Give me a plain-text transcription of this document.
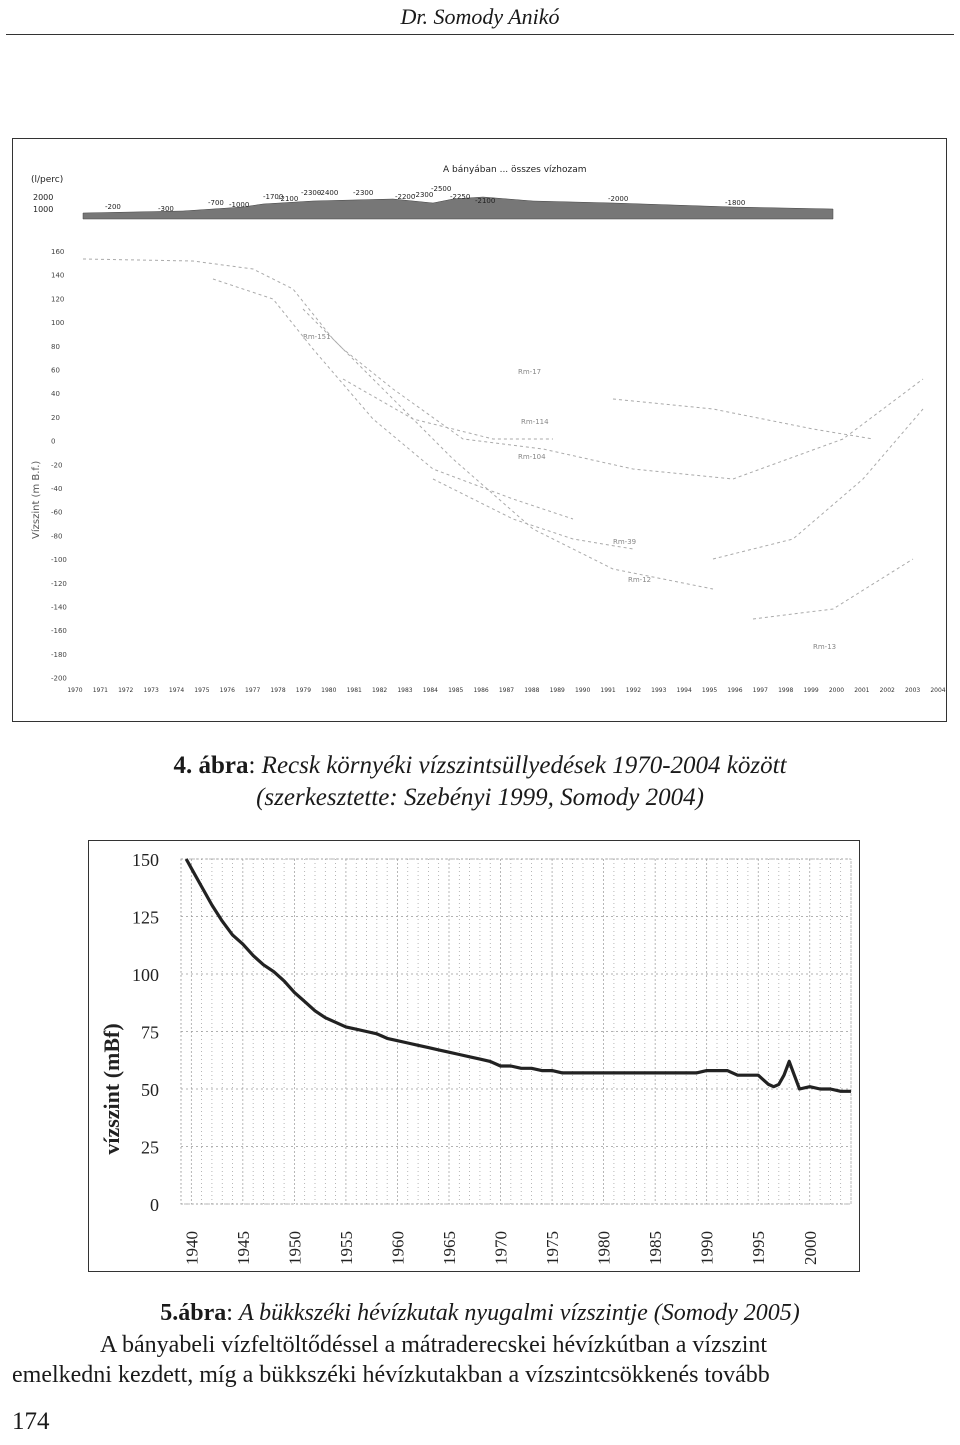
Dr. Somody Anikó
A bányában ... összes vízhozam
(l/perc)
2000
1000
Vízszint (m B.f.)
-200	-300
-700 -1000
-1700
-2100
-2300
-2400 -2300	-2200
-2300
-2500
-2250 -2100	-2000	-1800
160
140
120
100
80
60
40
20
0
-20
-40
-60
-80
-100
-120
-140
-160
-180
-200
1970 1971 1972 1973 1974 1975 1976 1977 1978 1979 1980 1981 1982 1983 1984 1985 1986 1987 1988 1989 1990 1991 1992 1993 1994 1995 1996 1997 1998 1999 2000 2001 2002 2003 2004
Rm-151
Rm-17
Rm-114
Rm-104
Rm-39
Rm-12
Rm-13
4. ábra: Recsk környéki vízszintsüllyedések 1970-2004 között
(szerkesztette: Szebényi 1999, Somody 2004)
vízszint (mBf)
0
25
50
75
100
125
150
1940 1945 1950 1955 1960 1965 1970 1975 1980 1985 1990 1995 2000
5.ábra: A bükkszéki hévízkutak nyugalmi vízszintje (Somody 2005)
A bányabeli vízfeltöltődéssel a mátraderecskei hévízkútban a vízszint
emelkedni kezdett, míg a bükkszéki hévízkutakban a vízszintcsökkenés tovább
174
